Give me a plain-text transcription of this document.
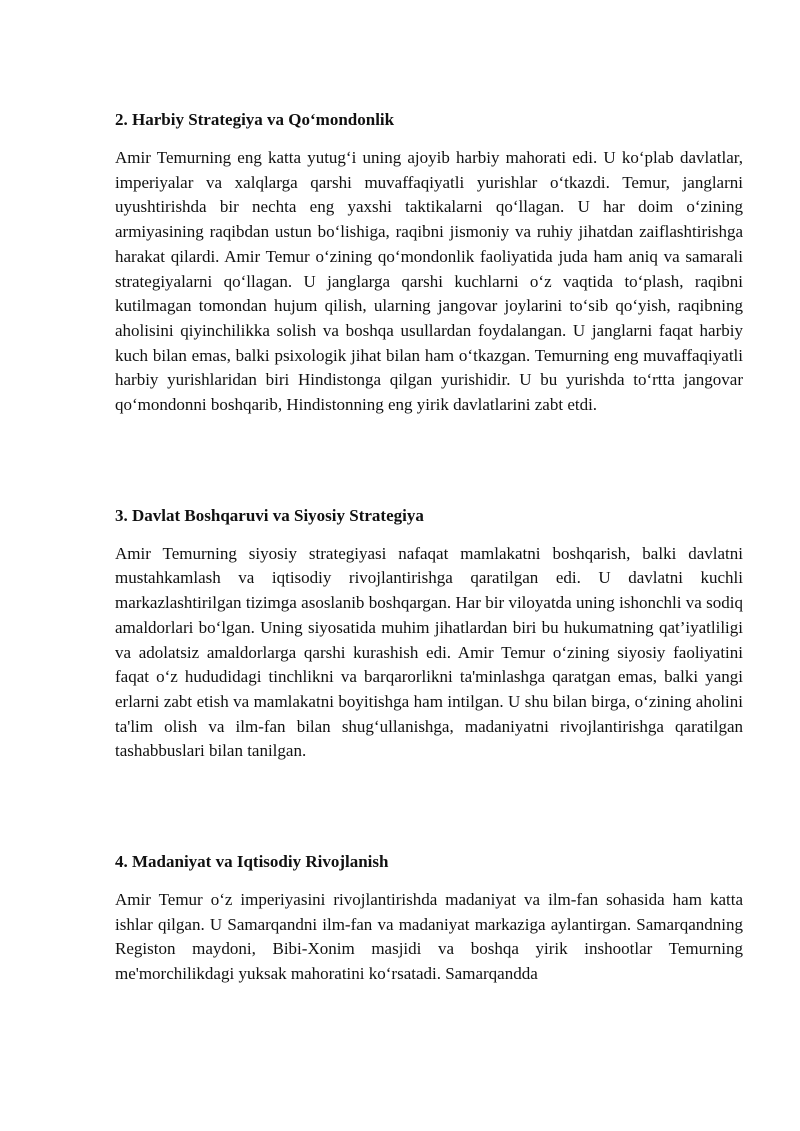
2. Harbiy Strategiya va Qo‘mondonlik

Amir Temurning eng katta yutug‘i uning ajoyib harbiy mahorati edi. U ko‘plab davlatlar, imperiyalar va xalqlarga qarshi muvaffaqiyatli yurishlar o‘tkazdi. Temur, janglarni uyushtirishda bir nechta eng yaxshi taktikalarni qo‘llagan. U har doim o‘zining armiyasining raqibdan ustun bo‘lishiga, raqibni jismoniy va ruhiy jihatdan zaiflashtirishga harakat qilardi. Amir Temur o‘zining qo‘mondonlik faoliyatida juda ham aniq va samarali strategiyalarni qo‘llagan. U janglarga qarshi kuchlarni o‘z vaqtida to‘plash, raqibni kutilmagan tomondan hujum qilish, ularning jangovar joylarini to‘sib qo‘yish, raqibning aholisini qiyinchilikka solish va boshqa usullardan foydalangan. U janglarni faqat harbiy kuch bilan emas, balki psixologik jihat bilan ham o‘tkazgan. Temurning eng muvaffaqiyatli harbiy yurishlaridan biri Hindistonga qilgan yurishidir. U bu yurishda to‘rtta jangovar qo‘mondonni boshqarib, Hindistonning eng yirik davlatlarini zabt etdi.

3. Davlat Boshqaruvi va Siyosiy Strategiya

Amir Temurning siyosiy strategiyasi nafaqat mamlakatni boshqarish, balki davlatni mustahkamlash va iqtisodiy rivojlantirishga qaratilgan edi. U davlatni kuchli markazlashtirilgan tizimga asoslanib boshqargan. Har bir viloyatda uning ishonchli va sodiq amaldorlari bo‘lgan. Uning siyosatida muhim jihatlardan biri bu hukumatning qat’iyatliligi va adolatsiz amaldorlarga qarshi kurashish edi. Amir Temur o‘zining siyosiy faoliyatini faqat o‘z hududidagi tinchlikni va barqarorlikni ta'minlashga qaratgan emas, balki yangi erlarni zabt etish va mamlakatni boyitishga ham intilgan. U shu bilan birga, o‘zining aholini ta'lim olish va ilm-fan bilan shug‘ullanishga, madaniyatni rivojlantirishga qaratilgan tashabbuslari bilan tanilgan.

4. Madaniyat va Iqtisodiy Rivojlanish

Amir Temur o‘z imperiyasini rivojlantirishda madaniyat va ilm-fan sohasida ham katta ishlar qilgan. U Samarqandni ilm-fan va madaniyat markaziga aylantirgan. Samarqandning Registon maydoni, Bibi-Xonim masjidi va boshqa yirik inshootlar Temurning me'morchilikdagi yuksak mahoratini ko‘rsatadi. Samarqandda
